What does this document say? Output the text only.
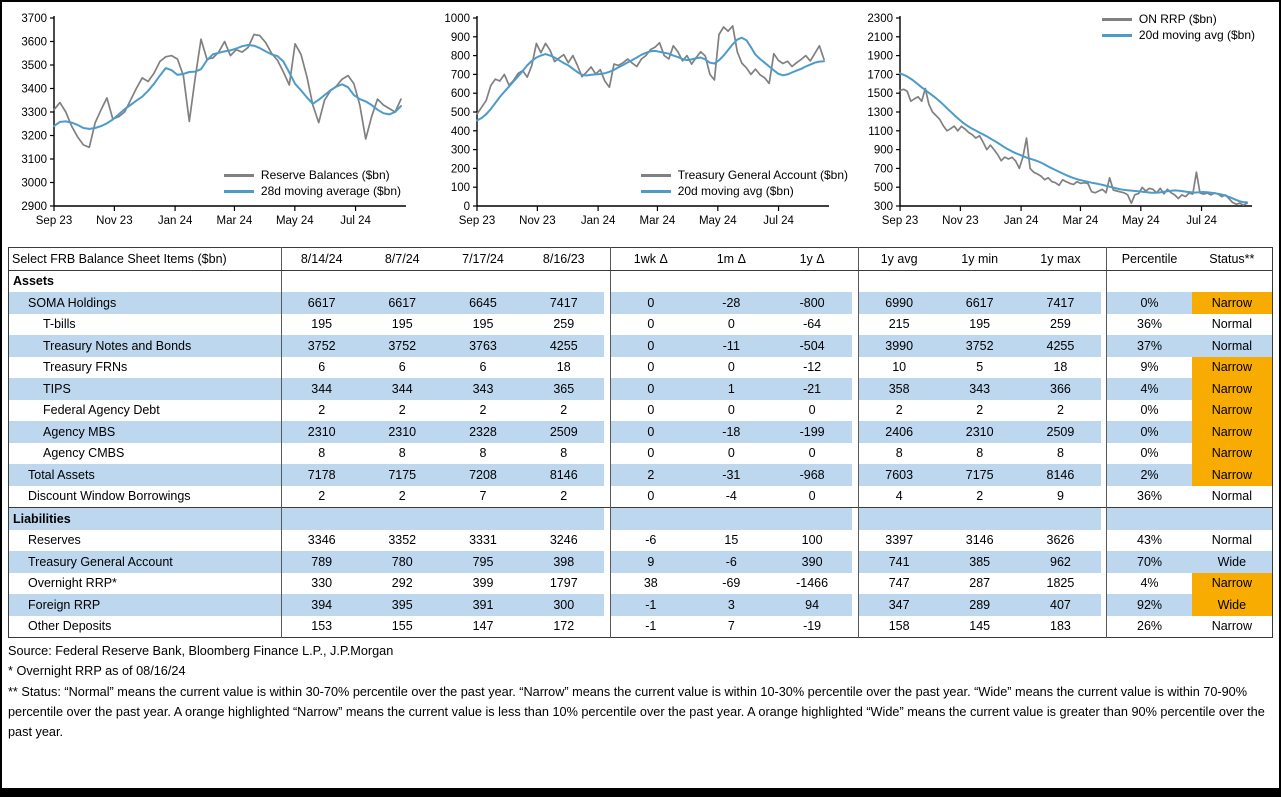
2900
3000
3100
3200
3300
3400
3500
3600
3700
Sep 23 Nov 23 Jan 24 Mar 24 May 24 Jul 24
Reserve Balances ($bn)
28d moving average ($bn)
0
100
200
300
400
500
600
700
800
900
1000
Sep 23 Nov 23 Jan 24 Mar 24 May 24 Jul 24
Treasury General Account ($bn)
20d moving avg ($bn)
300
500
700
900
1100
1300
1500
1700
1900
2100
2300
Sep 23 Nov 23 Jan 24 Mar 24 May 24 Jul 24
ON RRP ($bn)
20d moving avg ($bn)
Select FRB Balance Sheet Items ($bn)	8/14/24	8/7/24	7/17/24	8/16/23		1wk Δ	1m Δ	1y Δ		1y avg	1y min	1y max		Percentile	Status**
Assets															
SOMA Holdings	6617	6617	6645	7417		0	-28	-800		6990	6617	7417		0%	Narrow
T-bills	195	195	195	259		0	0	-64		215	195	259		36%	Normal
Treasury Notes and Bonds	3752	3752	3763	4255		0	-11	-504		3990	3752	4255		37%	Normal
Treasury FRNs	6	6	6	18		0	0	-12		10	5	18		9%	Narrow
TIPS	344	344	343	365		0	1	-21		358	343	366		4%	Narrow
Federal Agency Debt	2	2	2	2		0	0	0		2	2	2		0%	Narrow
Agency MBS	2310	2310	2328	2509		0	-18	-199		2406	2310	2509		0%	Narrow
Agency CMBS	8	8	8	8		0	0	0		8	8	8		0%	Narrow
Total Assets	7178	7175	7208	8146		2	-31	-968		7603	7175	8146		2%	Narrow
Discount Window Borrowings	2	2	7	2		0	-4	0		4	2	9		36%	Normal
Liabilities															
Reserves	3346	3352	3331	3246		-6	15	100		3397	3146	3626		43%	Normal
Treasury General Account	789	780	795	398		9	-6	390		741	385	962		70%	Wide
Overnight RRP*	330	292	399	1797		38	-69	-1466		747	287	1825		4%	Narrow
Foreign RRP	394	395	391	300		-1	3	94		347	289	407		92%	Wide
Other Deposits	153	155	147	172		-1	7	-19		158	145	183		26%	Narrow

Source: Federal Reserve Bank, Bloomberg Finance L.P., J.P.Morgan

* Overnight RRP as of 08/16/24

** Status: “Normal” means the current value is within 30-70% percentile over the past year. “Narrow” means the current value is within 10-30% percentile over the past year. “Wide” means the current value is within 70-90% percentile over the past year. A orange highlighted “Narrow” means the current value is less than 10% percentile over the past year. A orange highlighted “Wide” means the current value is greater than 90% percentile over the past year.
